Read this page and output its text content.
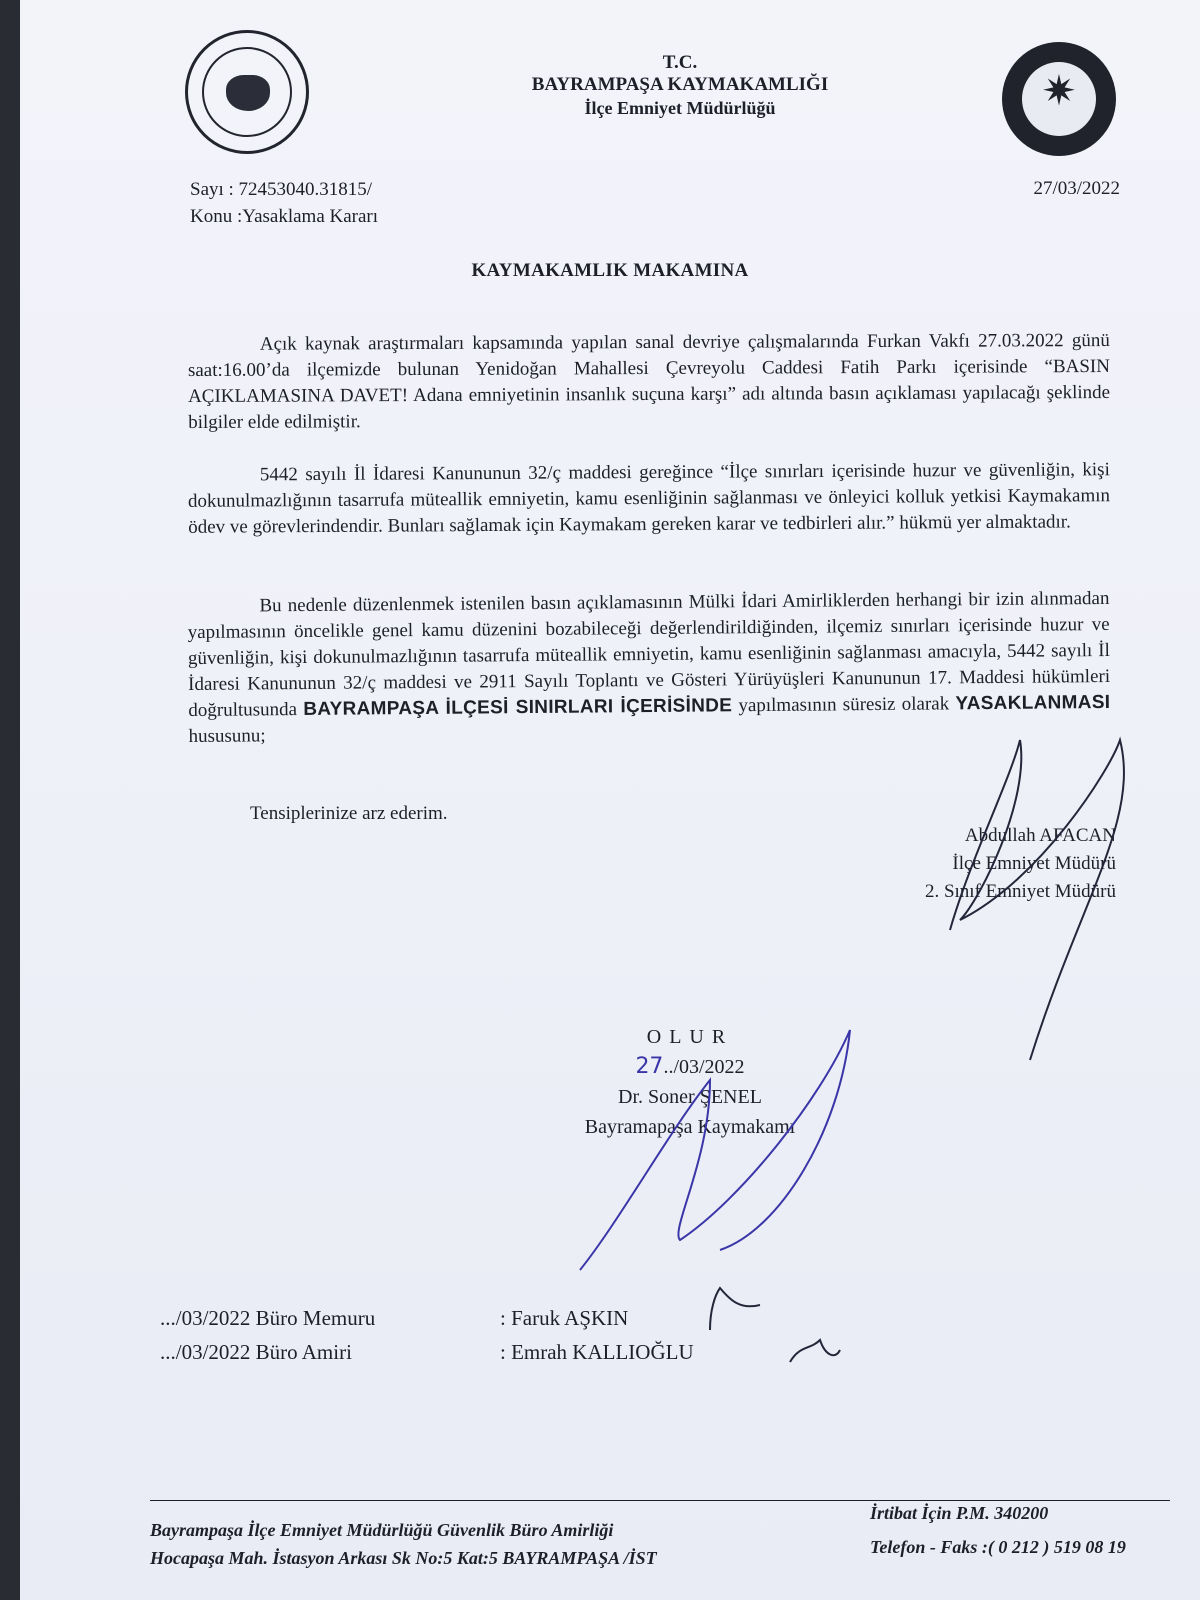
✷
T.C.
BAYRAMPAŞA KAYMAKAMLIĞI
İlçe Emniyet Müdürlüğü
Sayı : 72453040.31815/
Konu :Yasaklama Kararı
27/03/2022
KAYMAKAMLIK MAKAMINA
Açık kaynak araştırmaları kapsamında yapılan sanal devriye çalışmalarında Furkan Vakfı 27.03.2022 günü saat:16.00’da ilçemizde bulunan Yenidoğan Mahallesi Çevreyolu Caddesi Fatih Parkı içerisinde “BASIN AÇIKLAMASINA DAVET! Adana emniyetinin insanlık suçuna karşı” adı altında basın açıklaması yapılacağı şeklinde bilgiler elde edilmiştir.
5442 sayılı İl İdaresi Kanununun 32/ç maddesi gereğince “İlçe sınırları içerisinde huzur ve güvenliğin, kişi dokunulmazlığının tasarrufa müteallik emniyetin, kamu esenliğinin sağlanması ve önleyici kolluk yetkisi Kaymakamın ödev ve görevlerindendir. Bunları sağlamak için Kaymakam gereken karar ve tedbirleri alır.” hükmü yer almaktadır.
Bu nedenle düzenlenmek istenilen basın açıklamasının Mülki İdari Amirliklerden herhangi bir izin alınmadan yapılmasının öncelikle genel kamu düzenini bozabileceği değerlendirildiğinden, ilçemiz sınırları içerisinde huzur ve güvenliğin, kişi dokunulmazlığının tasarrufa müteallik emniyetin, kamu esenliğinin sağlanması amacıyla, 5442 sayılı İl İdaresi Kanununun 32/ç maddesi ve 2911 Sayılı Toplantı ve Gösteri Yürüyüşleri Kanununun 17. Maddesi hükümleri doğrultusunda BAYRAMPAŞA İLÇESİ SINIRLARI İÇERİSİNDE yapılmasının süresiz olarak YASAKLANMASI hususunu;
Tensiplerinize arz ederim.
Abdullah AFACAN
İlçe Emniyet Müdürü
2. Sınıf Emniyet Müdürü
OLUR
27../03/2022
Dr. Soner ŞENEL
Bayramapaşa Kaymakamı
.../03/2022 Büro Memuru	: Faruk AŞKIN
.../03/2022 Büro Amiri	: Emrah KALLIOĞLU
Bayrampaşa İlçe Emniyet Müdürlüğü Güvenlik Büro Amirliği
Hocapaşa Mah. İstasyon Arkası Sk No:5 Kat:5 BAYRAMPAŞA /İST
İrtibat İçin P.M. 340200
Telefon - Faks :( 0 212 ) 519 08 19
